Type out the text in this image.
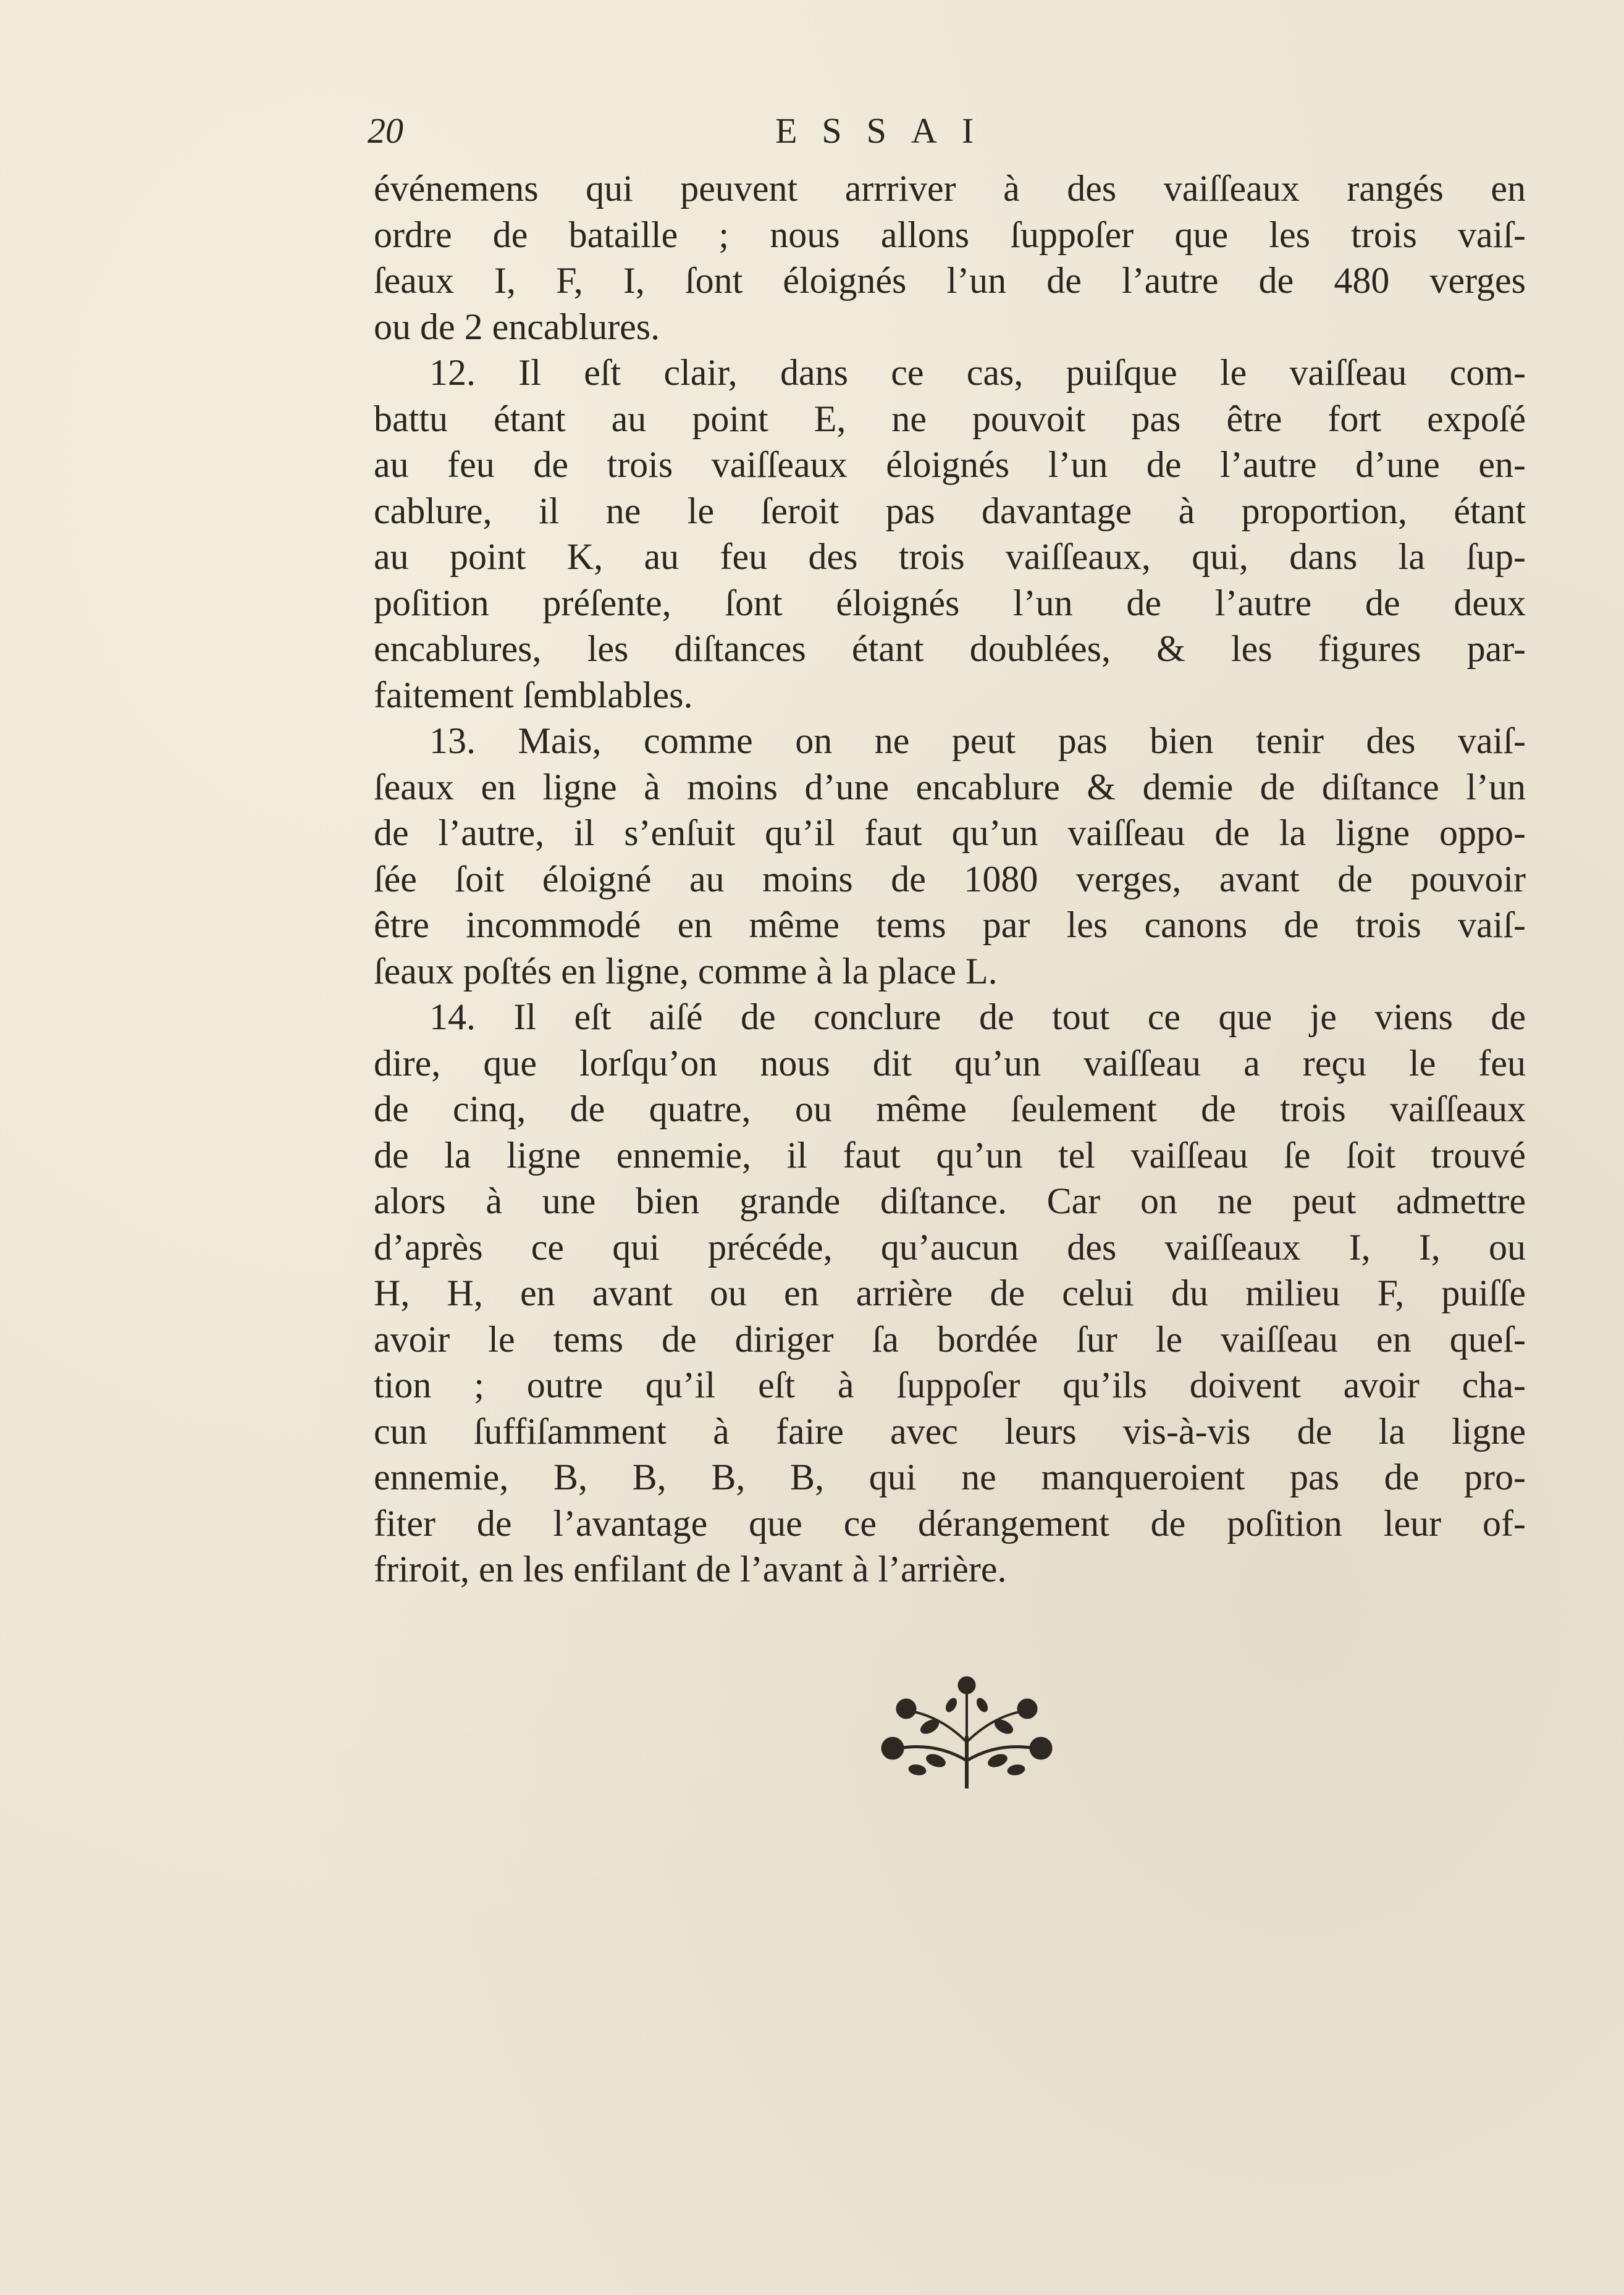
20	ESSAI
événemens qui peuvent arrriver à des vaiſſeaux rangés en
ordre de bataille ; nous allons ſuppoſer que les trois vaiſ-
ſeaux I, F, I, ſont éloignés l’un de l’autre de 480 verges
ou de 2 encablures.
12. Il eſt clair, dans ce cas, puiſque le vaiſſeau com-
battu étant au point E, ne pouvoit pas être fort expoſé
au feu de trois vaiſſeaux éloignés l’un de l’autre d’une en-
cablure, il ne le ſeroit pas davantage à proportion, étant
au point K, au feu des trois vaiſſeaux, qui, dans la ſup-
poſition préſente, ſont éloignés l’un de l’autre de deux
encablures, les diſtances étant doublées, & les figures par-
faitement ſemblables.
13. Mais, comme on ne peut pas bien tenir des vaiſ-
ſeaux en ligne à moins d’une encablure & demie de diſtance l’un
de l’autre, il s’enſuit qu’il faut qu’un vaiſſeau de la ligne oppo-
ſée ſoit éloigné au moins de 1080 verges, avant de pouvoir
être incommodé en même tems par les canons de trois vaiſ-
ſeaux poſtés en ligne, comme à la place L.
14. Il eſt aiſé de conclure de tout ce que je viens de
dire, que lorſqu’on nous dit qu’un vaiſſeau a reçu le feu
de cinq, de quatre, ou même ſeulement de trois vaiſſeaux
de la ligne ennemie, il faut qu’un tel vaiſſeau ſe ſoit trouvé
alors à une bien grande diſtance. Car on ne peut admettre
d’après ce qui précéde, qu’aucun des vaiſſeaux I, I, ou
H, H, en avant ou en arrière de celui du milieu F, puiſſe
avoir le tems de diriger ſa bordée ſur le vaiſſeau en queſ-
tion ; outre qu’il eſt à ſuppoſer qu’ils doivent avoir cha-
cun ſuffiſamment à faire avec leurs vis-à-vis de la ligne
ennemie, B, B, B, B, qui ne manqueroient pas de pro-
fiter de l’avantage que ce dérangement de poſition leur of-
friroit, en les enfilant de l’avant à l’arrière.
